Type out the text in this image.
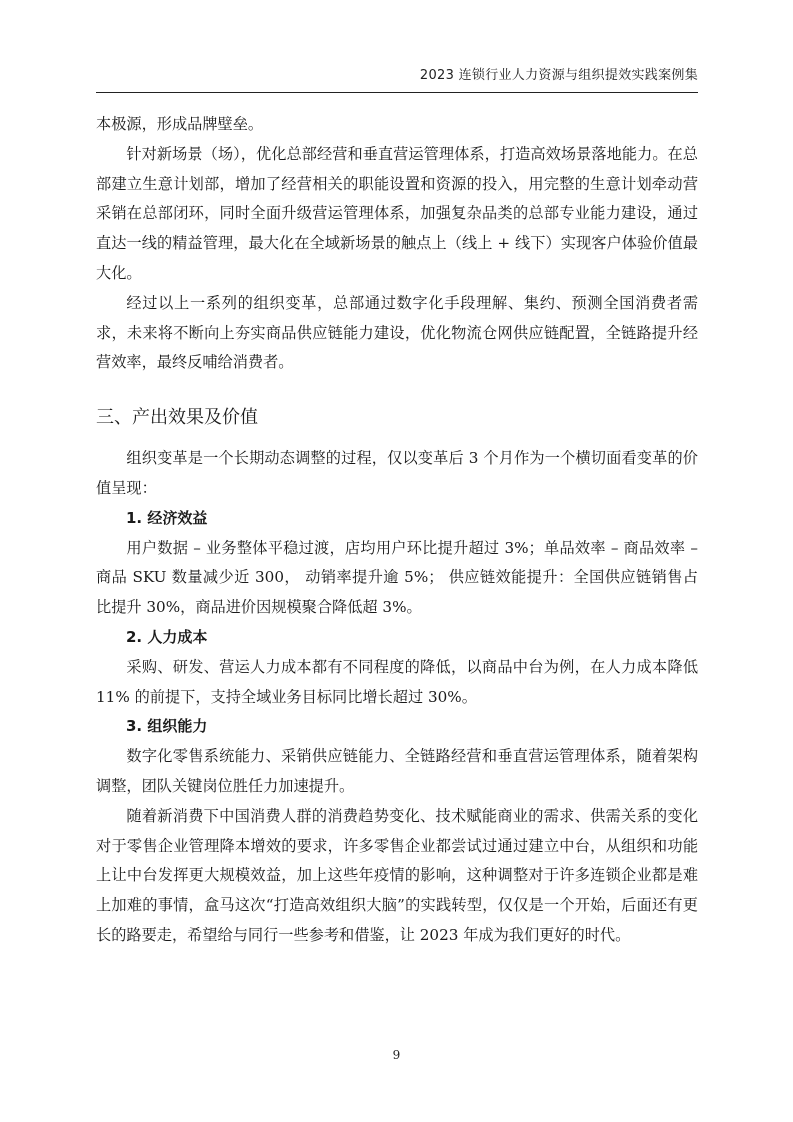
2023 连锁行业人力资源与组织提效实践案例集

本极源，形成品牌壁垒。

针对新场景（场），优化总部经营和垂直营运管理体系，打造高效场景落地能力。在总部建立生意计划部，增加了经营相关的职能设置和资源的投入，用完整的生意计划牵动营采销在总部闭环，同时全面升级营运管理体系，加强复杂品类的总部专业能力建设，通过直达一线的精益管理，最大化在全域新场景的触点上（线上 + 线下）实现客户体验价值最大化。

经过以上一系列的组织变革，总部通过数字化手段理解、集约、预测全国消费者需求，未来将不断向上夯实商品供应链能力建设，优化物流仓网供应链配置，全链路提升经营效率，最终反哺给消费者。

三、产出效果及价值

组织变革是一个长期动态调整的过程，仅以变革后 3 个月作为一个横切面看变革的价值呈现：

1. 经济效益

用户数据 – 业务整体平稳过渡，店均用户环比提升超过 3%；单品效率 – 商品效率 – 商品 SKU 数量减少近 300， 动销率提升逾 5%； 供应链效能提升：全国供应链销售占比提升 30%，商品进价因规模聚合降低超 3%。

2. 人力成本

采购、研发、营运人力成本都有不同程度的降低，以商品中台为例，在人力成本降低 11% 的前提下，支持全域业务目标同比增长超过 30%。

3. 组织能力

数字化零售系统能力、采销供应链能力、全链路经营和垂直营运管理体系，随着架构调整，团队关键岗位胜任力加速提升。

随着新消费下中国消费人群的消费趋势变化、技术赋能商业的需求、供需关系的变化对于零售企业管理降本增效的要求，许多零售企业都尝试过通过建立中台，从组织和功能上让中台发挥更大规模效益，加上这些年疫情的影响，这种调整对于许多连锁企业都是难上加难的事情，盒马这次“打造高效组织大脑”的实践转型，仅仅是一个开始，后面还有更长的路要走，希望给与同行一些参考和借鉴，让 2023 年成为我们更好的时代。

9
